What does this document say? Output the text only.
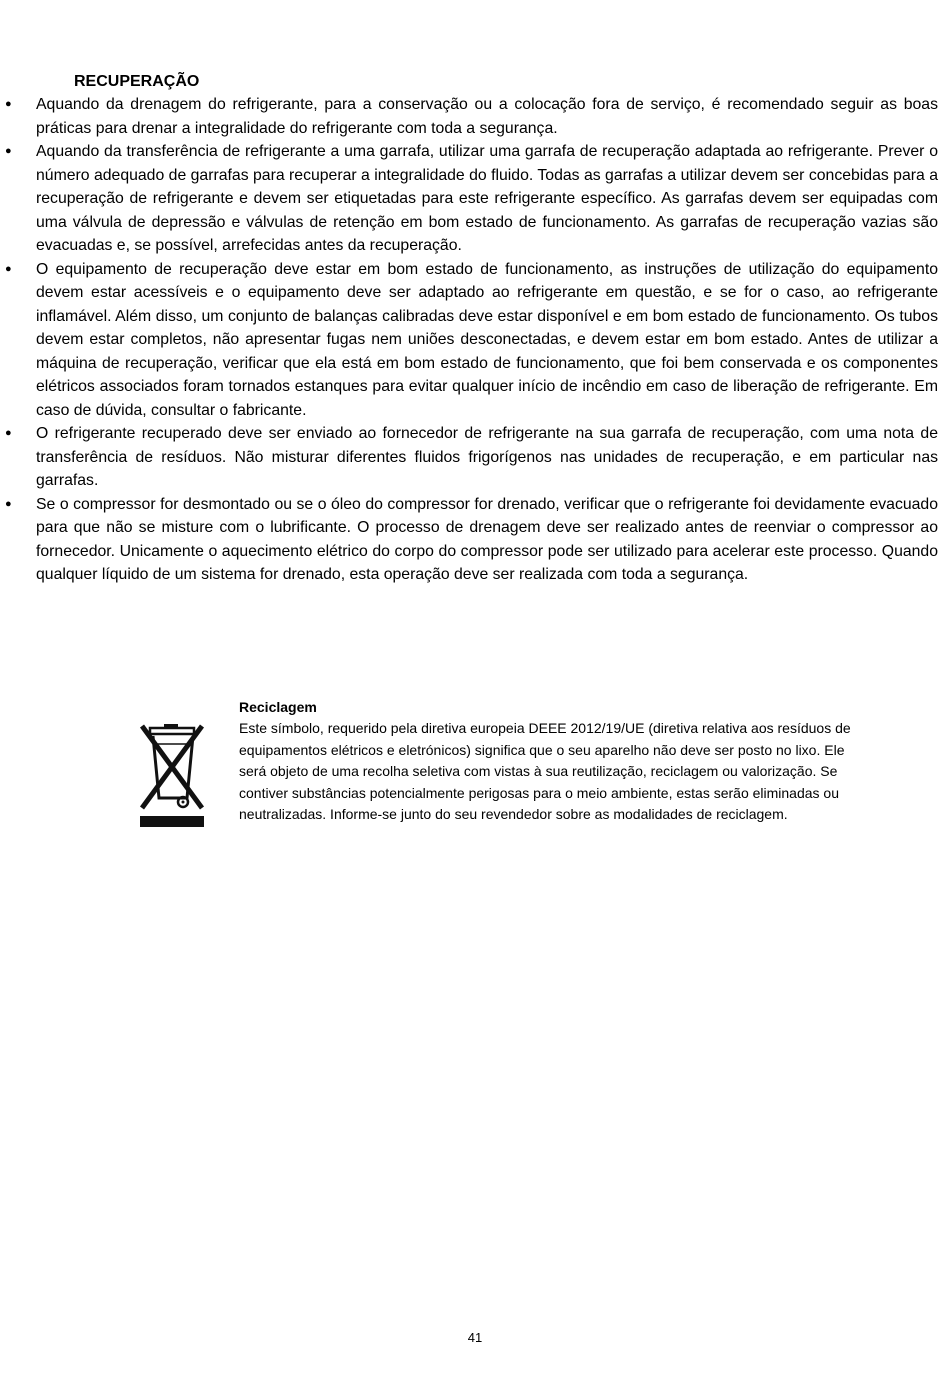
RECUPERAÇÃO
● Aquando da drenagem do refrigerante, para a conservação ou a colocação fora de serviço, é recomendado seguir as boas práticas para drenar a integralidade do refrigerante com toda a segurança.
● Aquando da transferência de refrigerante a uma garrafa, utilizar uma garrafa de recuperação adaptada ao refrigerante. Prever o número adequado de garrafas para recuperar a integralidade do fluido. Todas as garrafas a utilizar devem ser concebidas para a recuperação de refrigerante e devem ser etiquetadas para este refrigerante específico. As garrafas devem ser equipadas com uma válvula de depressão e válvulas de retenção em bom estado de funcionamento. As garrafas de recuperação vazias são evacuadas e, se possível, arrefecidas antes da recuperação.
● O equipamento de recuperação deve estar em bom estado de funcionamento, as instruções de utilização do equipamento devem estar acessíveis e o equipamento deve ser adaptado ao refrigerante em questão, e se for o caso, ao refrigerante inflamável. Além disso, um conjunto de balanças calibradas deve estar disponível e em bom estado de funcionamento. Os tubos devem estar completos, não apresentar fugas nem uniões desconectadas, e devem estar em bom estado. Antes de utilizar a máquina de recuperação, verificar que ela está em bom estado de funcionamento, que foi bem conservada e os componentes elétricos associados foram tornados estanques para evitar qualquer início de incêndio em caso de liberação de refrigerante. Em caso de dúvida, consultar o fabricante.
● O refrigerante recuperado deve ser enviado ao fornecedor de refrigerante na sua garrafa de recuperação, com uma nota de transferência de resíduos. Não misturar diferentes fluidos frigorígenos nas unidades de recuperação, e em particular nas garrafas.
● Se o compressor for desmontado ou se o óleo do compressor for drenado, verificar que o refrigerante foi devidamente evacuado para que não se misture com o lubrificante. O processo de drenagem deve ser realizado antes de reenviar o compressor ao fornecedor. Unicamente o aquecimento elétrico do corpo do compressor pode ser utilizado para acelerar este processo. Quando qualquer líquido de um sistema for drenado, esta operação deve ser realizada com toda a segurança.
Reciclagem
Este símbolo, requerido pela diretiva europeia DEEE 2012/19/UE (diretiva relativa aos resíduos de equipamentos elétricos e eletrónicos) significa que o seu aparelho não deve ser posto no lixo. Ele será objeto de uma recolha seletiva com vistas à sua reutilização, reciclagem ou valorização. Se contiver substâncias potencialmente perigosas para o meio ambiente, estas serão eliminadas ou neutralizadas. Informe-se junto do seu revendedor sobre as modalidades de reciclagem.
41
